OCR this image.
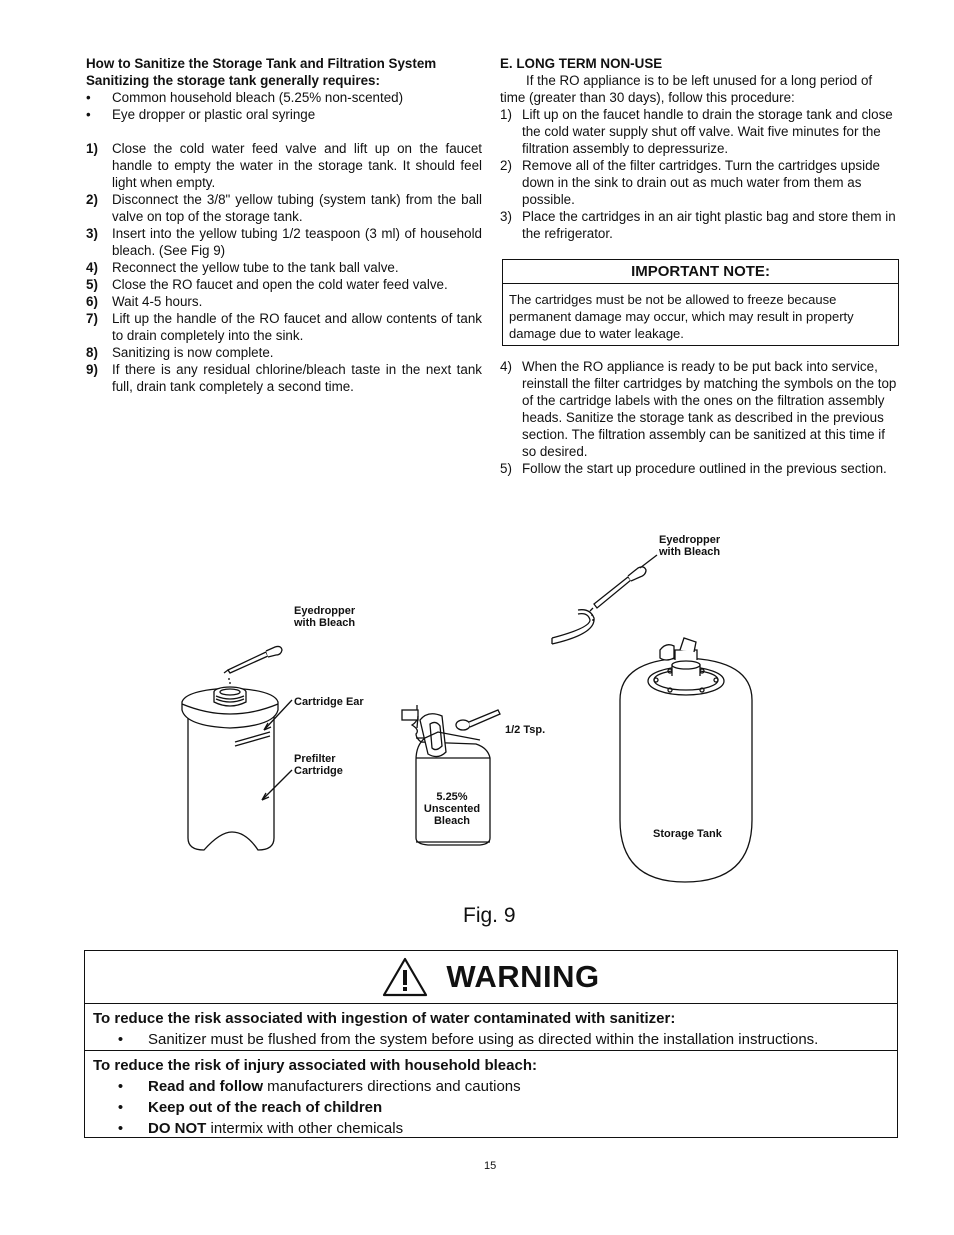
How to Sanitize the Storage Tank and Filtration System
Sanitizing the storage tank generally requires:
•	Common household bleach (5.25% non-scented)
•	Eye dropper or plastic oral syringe
1)	Close the cold water feed valve and lift up on the faucet handle to empty the water in the storage tank. It should feel light when empty.
2)	Disconnect the 3/8" yellow tubing (system tank) from the ball valve on top of the storage tank.
3)	Insert into the yellow tubing 1/2 teaspoon (3 ml) of household bleach. (See Fig 9)
4)	Reconnect the yellow tube to the tank ball valve.
5)	Close the RO faucet and open the cold water feed valve.
6)	Wait 4-5 hours.
7)	Lift up the handle of the RO faucet and allow contents of tank to drain completely into the sink.
8)	Sanitizing is now complete.
9)	If there is any residual chlorine/bleach taste in the next tank full, drain tank completely a second time.
E. LONG TERM NON-USE
If the RO appliance is to be left unused for a long period of time (greater than 30 days), follow this procedure:
1) Lift up on the faucet handle to drain the storage tank and close the cold water supply shut off valve. Wait five minutes for the filtration assembly to depressurize.
2) Remove all of the filter cartridges. Turn the cartridges upside down in the sink to drain out as much water from them as possible.
3) Place the cartridges in an air tight plastic bag and store them in the refrigerator.
IMPORTANT NOTE:
The cartridges must be not be allowed to freeze because permanent damage may occur, which may result in property damage due to water leakage.
4) When the RO appliance is ready to be put back into service, reinstall the filter cartridges by matching the symbols on the top of the cartridge labels with the ones on the filtration assembly heads. Sanitize the storage tank as described in the previous section. The filtration assembly can be sanitized at this time if so desired.
5) Follow the start up procedure outlined in the previous section.
Eyedropper with Bleach
Eyedropper with Bleach
Cartridge Ear
Prefilter Cartridge
5.25%
Unscented
Bleach
1/2 Tsp.
Storage Tank
Fig. 9
WARNING
To reduce the risk associated with ingestion of water contaminated with sanitizer:
•	Sanitizer must be flushed from the system before using as directed within the installation instructions.
To reduce the risk of injury associated with household bleach:
•	Read and follow manufacturers directions and cautions
•	Keep out of the reach of children
•	DO NOT intermix with other chemicals
15
